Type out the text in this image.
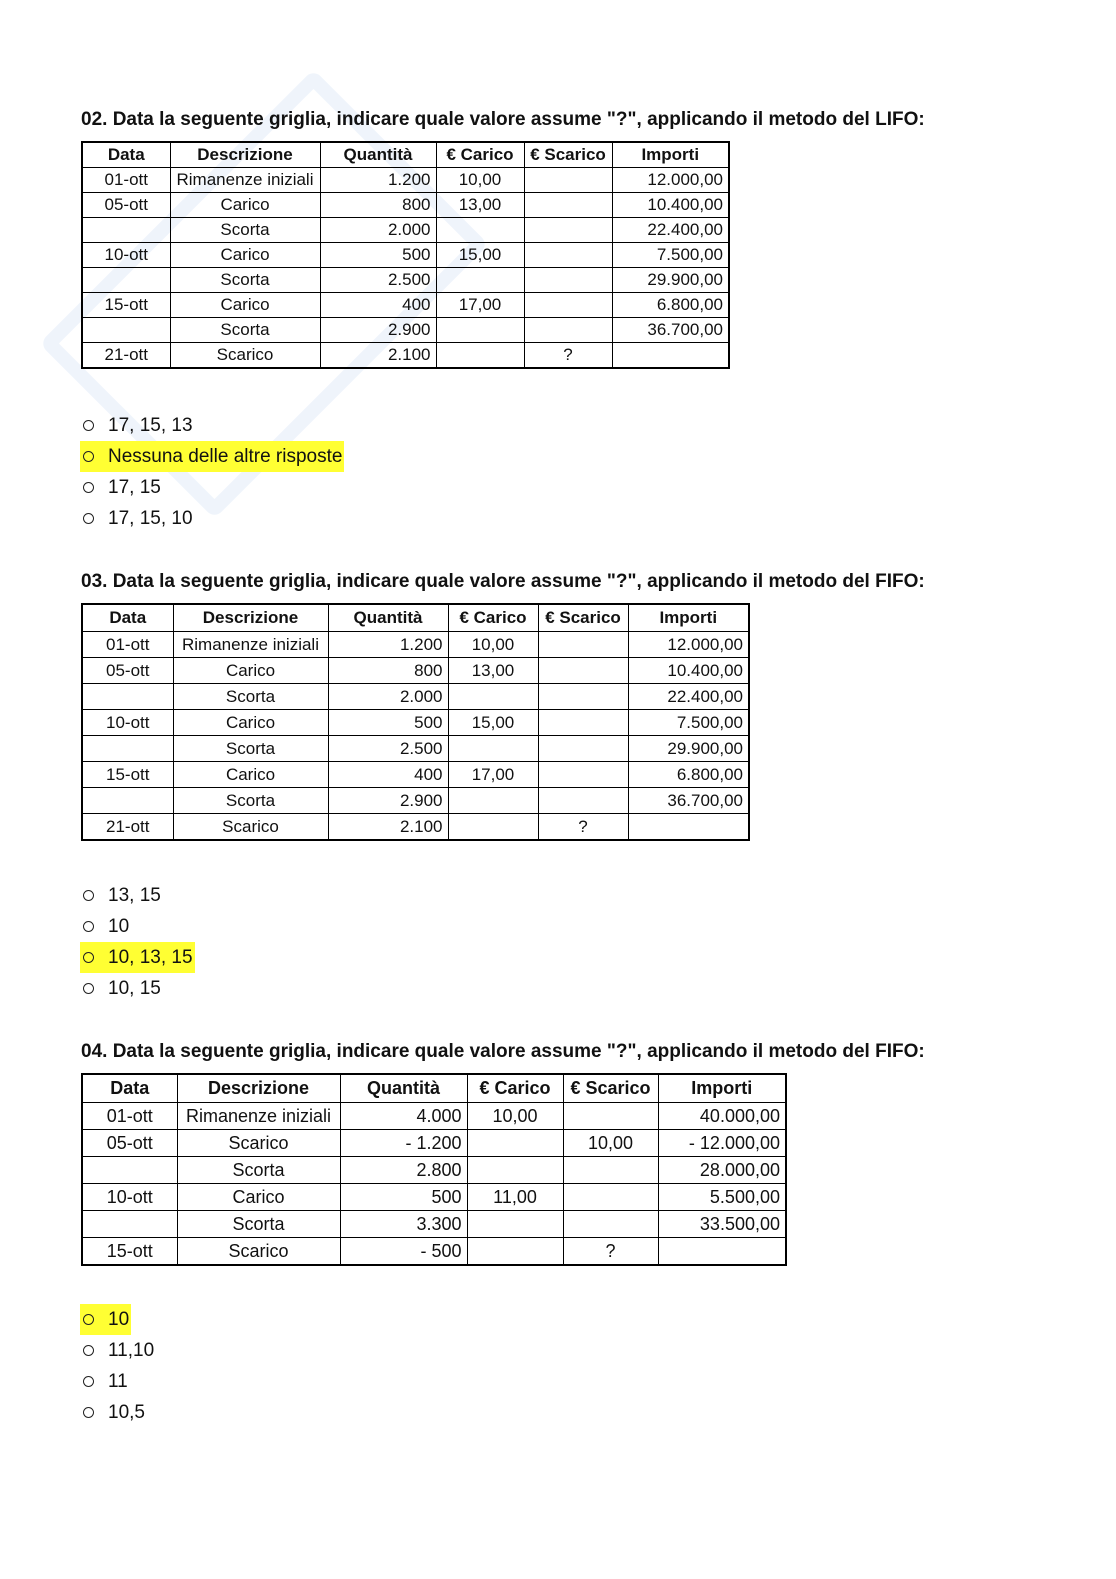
02. Data la seguente griglia, indicare quale valore assume "?", applicando il metodo del LIFO:
Data	Descrizione	Quantità	€ Carico	€ Scarico	Importi
01-ott	Rimanenze iniziali	1.200	10,00		12.000,00
05-ott	Carico	800	13,00		10.400,00
	Scorta	2.000			22.400,00
10-ott	Carico	500	15,00		7.500,00
	Scorta	2.500			29.900,00
15-ott	Carico	400	17,00		6.800,00
	Scorta	2.900			36.700,00
21-ott	Scarico	2.100		?	
17, 15, 13
Nessuna delle altre risposte
17, 15
17, 15, 10
03. Data la seguente griglia, indicare quale valore assume "?", applicando il metodo del FIFO:
Data	Descrizione	Quantità	€ Carico	€ Scarico	Importi
01-ott	Rimanenze iniziali	1.200	10,00		12.000,00
05-ott	Carico	800	13,00		10.400,00
	Scorta	2.000			22.400,00
10-ott	Carico	500	15,00		7.500,00
	Scorta	2.500			29.900,00
15-ott	Carico	400	17,00		6.800,00
	Scorta	2.900			36.700,00
21-ott	Scarico	2.100		?	
13, 15
10
10, 13, 15
10, 15
04. Data la seguente griglia, indicare quale valore assume "?", applicando il metodo del FIFO:
Data	Descrizione	Quantità	€ Carico	€ Scarico	Importi
01-ott	Rimanenze iniziali	4.000	10,00		40.000,00
05-ott	Scarico	- 1.200		10,00	- 12.000,00
	Scorta	2.800			28.000,00
10-ott	Carico	500	11,00		5.500,00
	Scorta	3.300			33.500,00
15-ott	Scarico	- 500		?	
10
11,10
11
10,5
